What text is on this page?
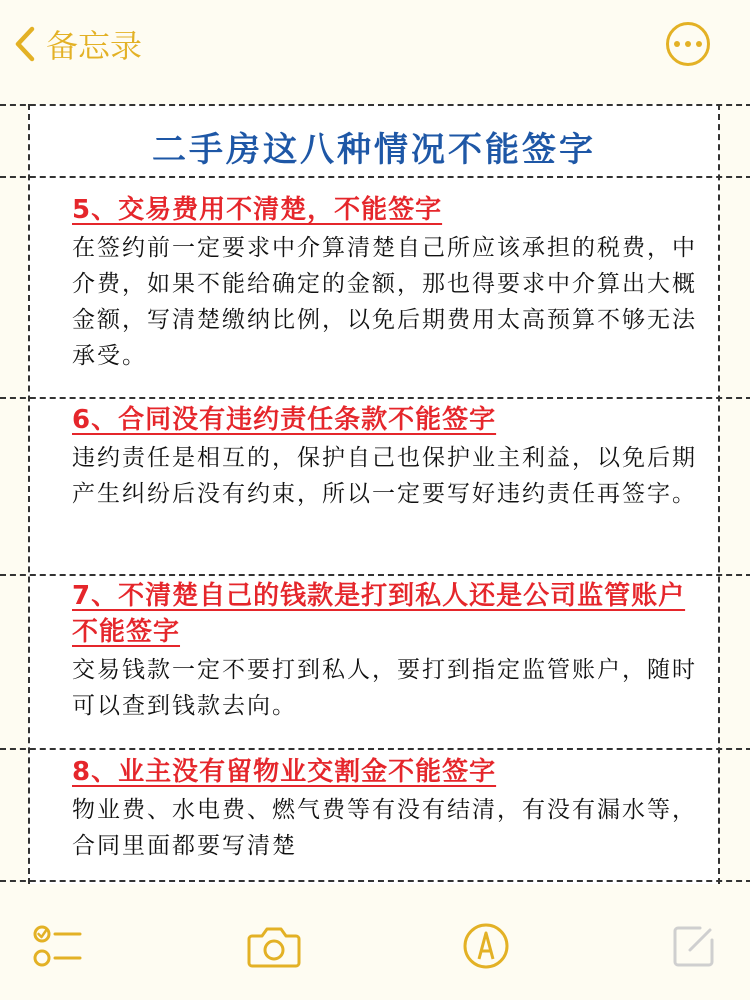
备忘录
二手房这八种情况不能签字
5、交易费用不清楚，不能签字

在签约前一定要求中介算清楚自己所应该承担的税费，中介费，如果不能给确定的金额，那也得要求中介算出大概金额，写清楚缴纳比例，以免后期费用太高预算不够无法承受。

6、合同没有违约责任条款不能签字

违约责任是相互的，保护自己也保护业主利益，以免后期产生纠纷后没有约束，所以一定要写好违约责任再签字。

7、不清楚自己的钱款是打到私人还是公司监管账户不能签字

交易钱款一定不要打到私人，要打到指定监管账户，随时可以查到钱款去向。

8、业主没有留物业交割金不能签字

物业费、水电费、燃气费等有没有结清，有没有漏水等，合同里面都要写清楚
